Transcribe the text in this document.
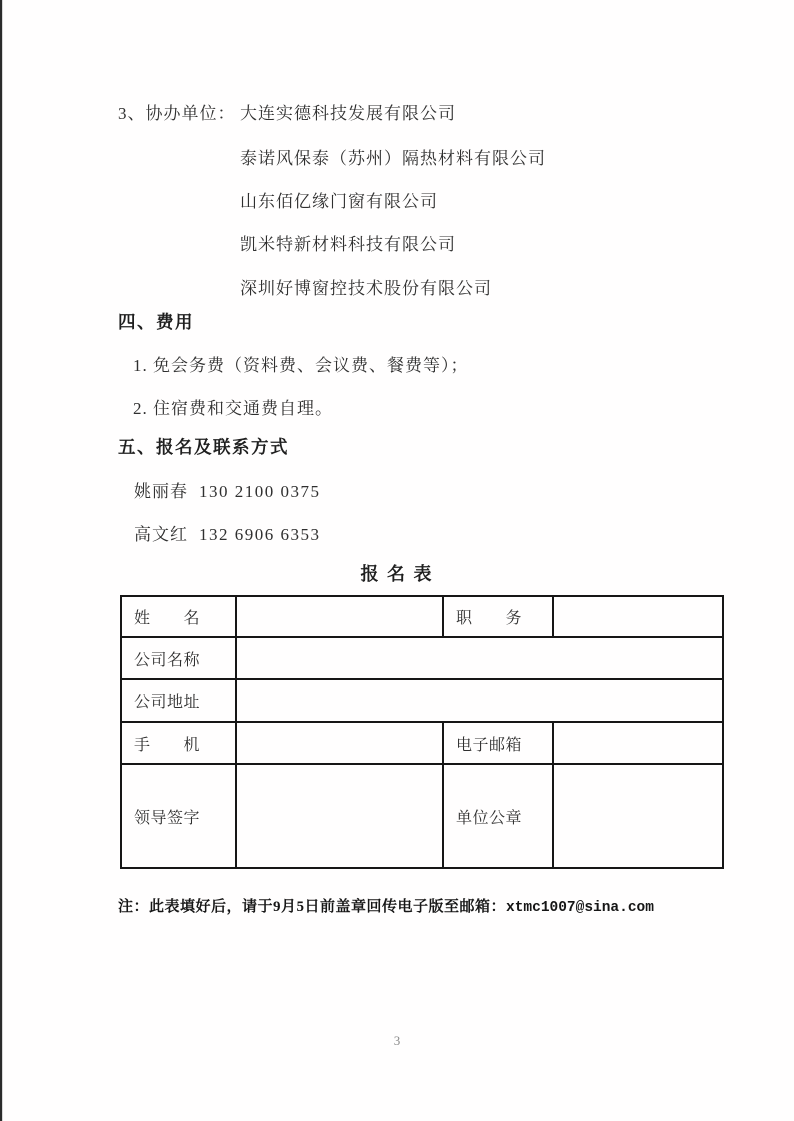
3、协办单位： 大连实德科技发展有限公司
泰诺风保泰（苏州）隔热材料有限公司
山东佰亿缘门窗有限公司
凯米特新材料科技有限公司
深圳好博窗控技术股份有限公司
四、费用
1. 免会务费（资料费、会议费、餐费等）；
2. 住宿费和交通费自理。
五、报名及联系方式
姚丽春 130 2100 0375
高文红 132 6906 6353
报 名 表
姓　　名		职　　务	
公司名称			
公司地址			
手　　机		电子邮箱	
领导签字		单位公章	
注：此表填好后，请于9月5日前盖章回传电子版至邮箱：xtmc1007@sina.com
3
